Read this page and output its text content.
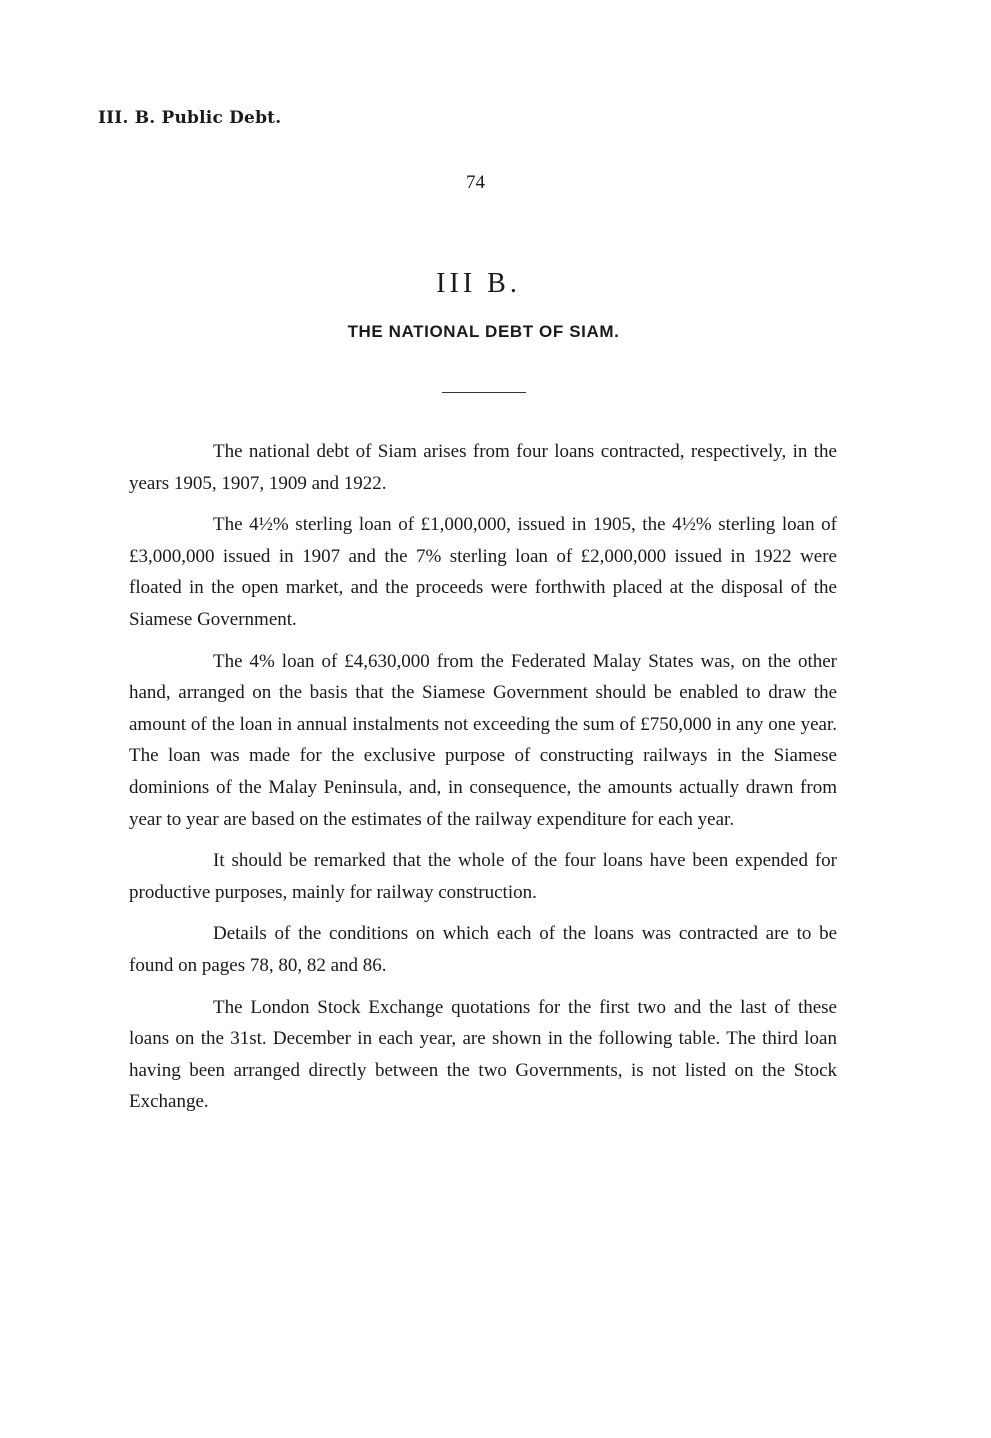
III. B. Public Debt.
74
III B.
THE NATIONAL DEBT OF SIAM.

The national debt of Siam arises from four loans contracted, respectively, in the years 1905, 1907, 1909 and 1922.

The 4½% sterling loan of £1,000,000, issued in 1905, the 4½% sterling loan of £3,000,000 issued in 1907 and the 7% sterling loan of £2,000,000 issued in 1922 were floated in the open market, and the proceeds were forthwith placed at the disposal of the Siamese Government.

The 4% loan of £4,630,000 from the Federated Malay States was, on the other hand, arranged on the basis that the Siamese Government should be enabled to draw the amount of the loan in annual instalments not exceeding the sum of £750,000 in any one year. The loan was made for the exclusive purpose of constructing railways in the Siamese dominions of the Malay Peninsula, and, in consequence, the amounts actually drawn from year to year are based on the estimates of the railway expenditure for each year.

It should be remarked that the whole of the four loans have been expended for productive purposes, mainly for railway construction.

Details of the conditions on which each of the loans was contracted are to be found on pages 78, 80, 82 and 86.

The London Stock Exchange quotations for the first two and the last of these loans on the 31st. December in each year, are shown in the following table. The third loan having been arranged directly between the two Governments, is not listed on the Stock Exchange.
